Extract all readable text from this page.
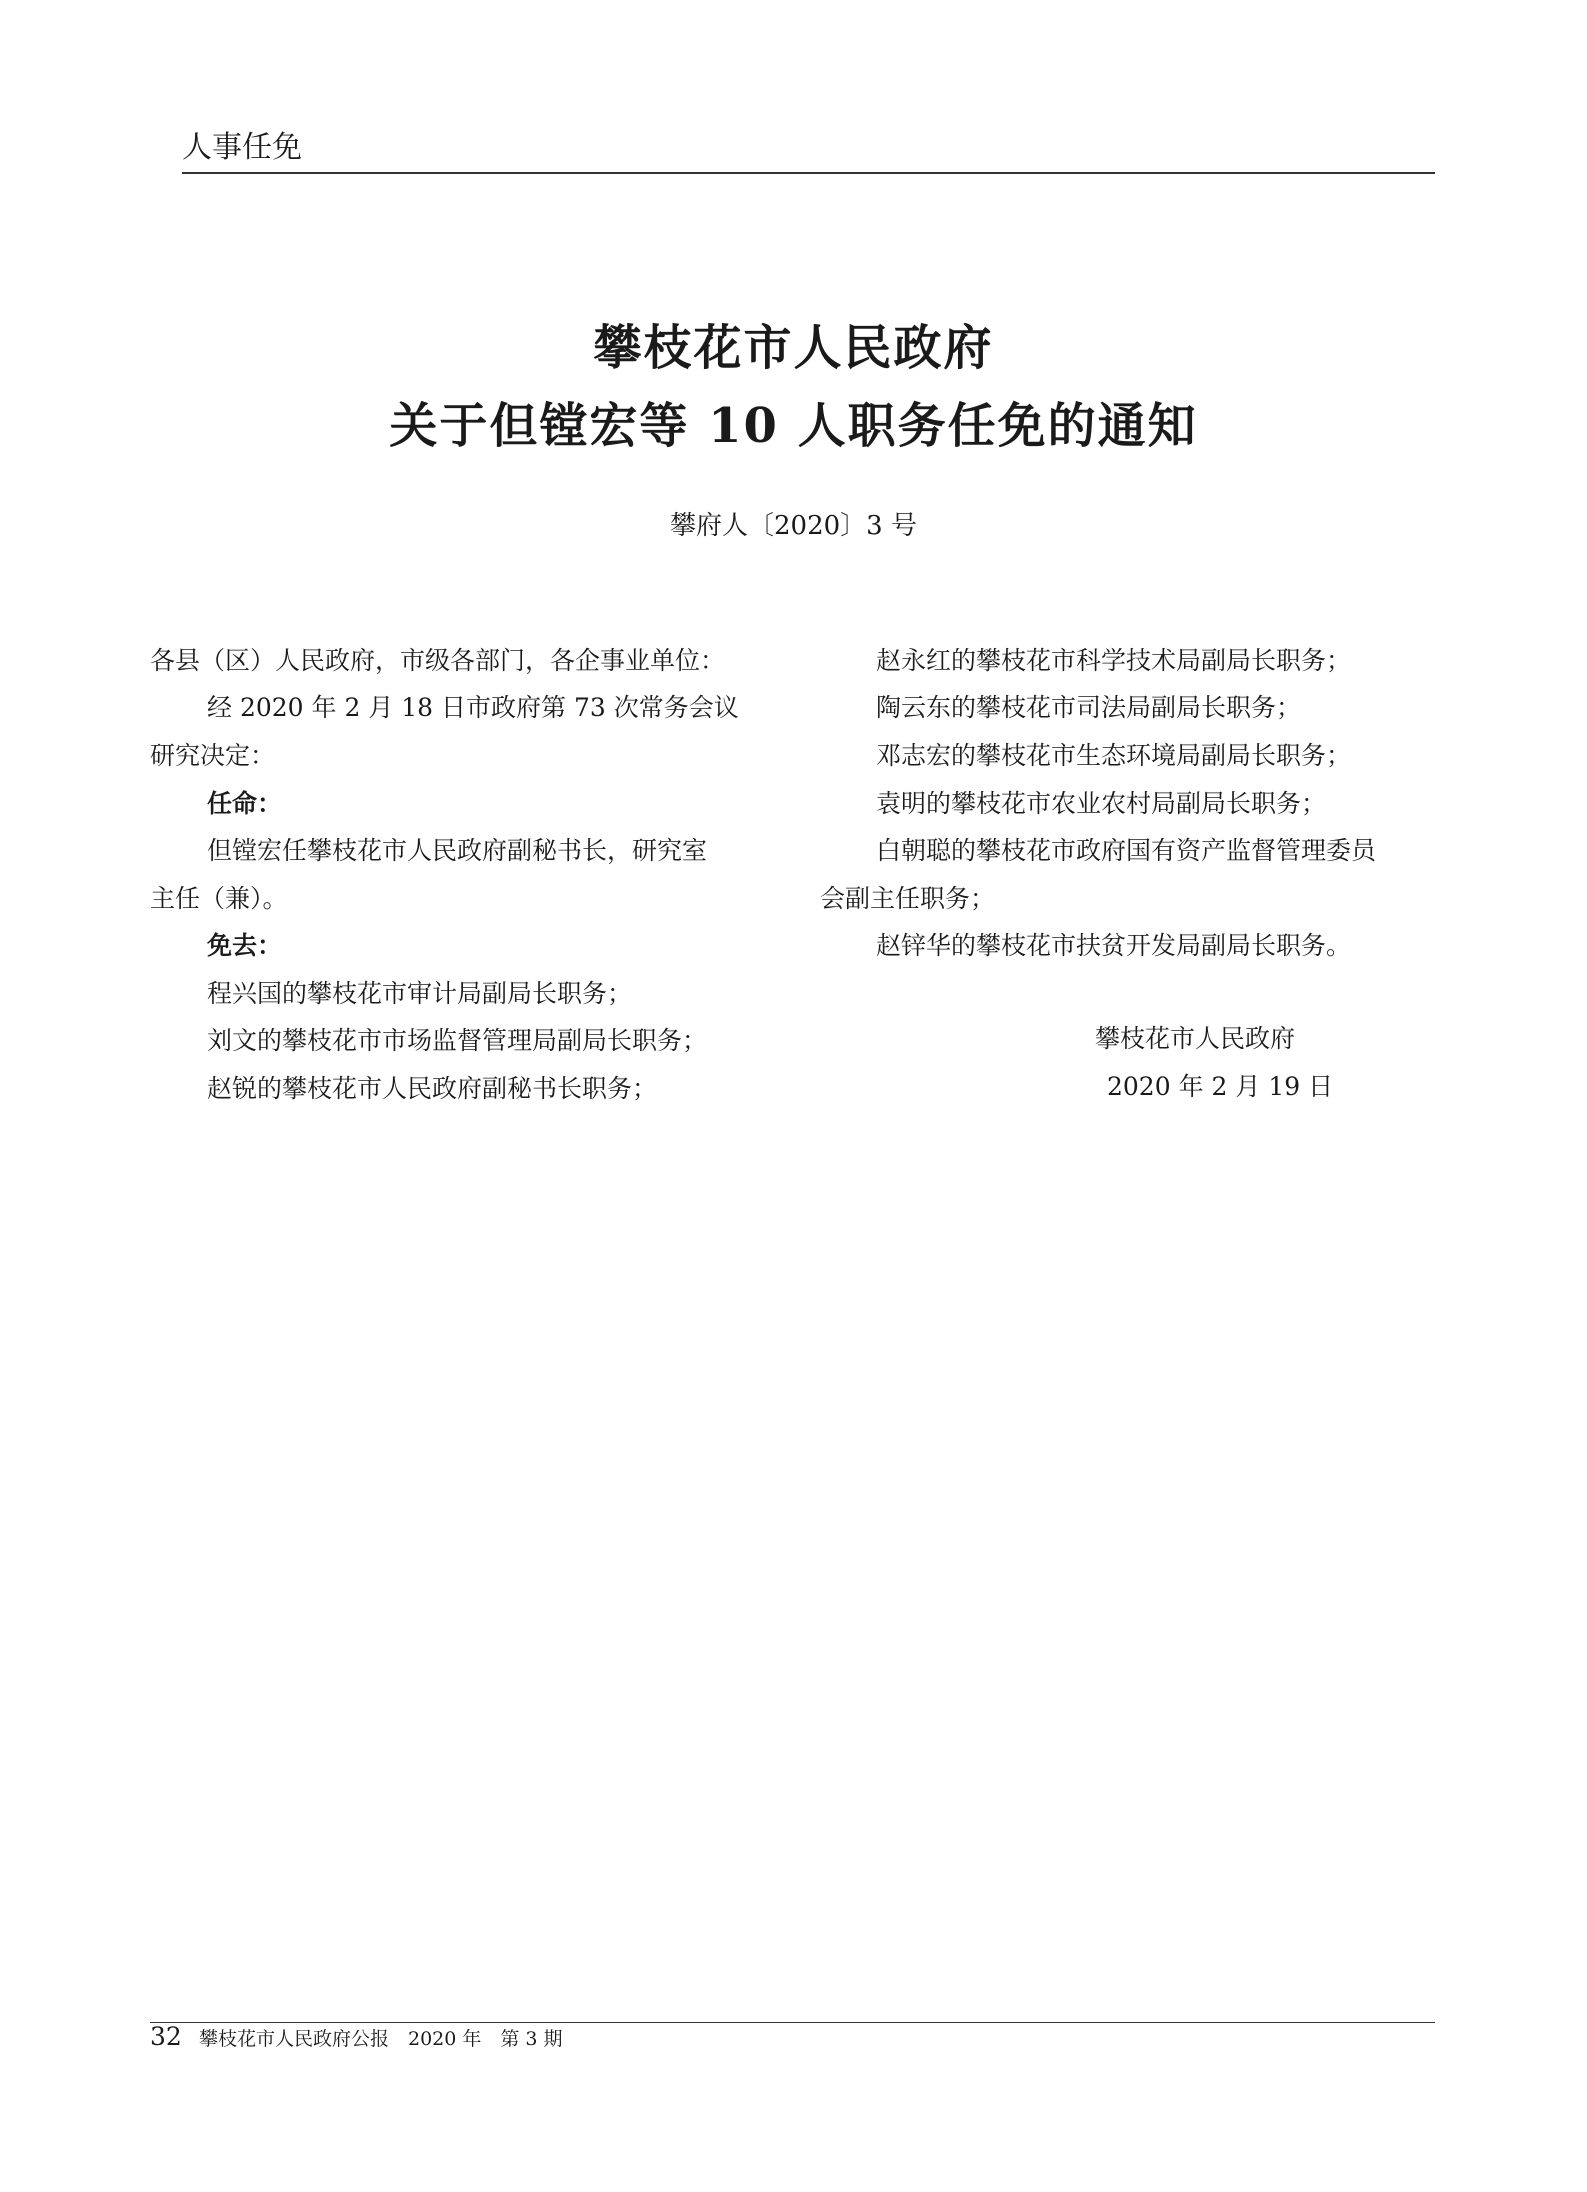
人事任免
攀枝花市人民政府
关于但镗宏等 10 人职务任免的通知
攀府人〔2020〕3 号
各县（区）人民政府，市级各部门，各企事业单位：
经 2020 年 2 月 18 日市政府第 73 次常务会议
研究决定：
任命：
但镗宏任攀枝花市人民政府副秘书长，研究室
主任（兼）。
免去：
程兴国的攀枝花市审计局副局长职务；
刘文的攀枝花市市场监督管理局副局长职务；
赵锐的攀枝花市人民政府副秘书长职务；
赵永红的攀枝花市科学技术局副局长职务；
陶云东的攀枝花市司法局副局长职务；
邓志宏的攀枝花市生态环境局副局长职务；
袁明的攀枝花市农业农村局副局长职务；
白朝聪的攀枝花市政府国有资产监督管理委员
会副主任职务；
赵锌华的攀枝花市扶贫开发局副局长职务。
攀枝花市人民政府
2020 年 2 月 19 日
32 攀枝花市人民政府公报　2020 年　第 3 期
